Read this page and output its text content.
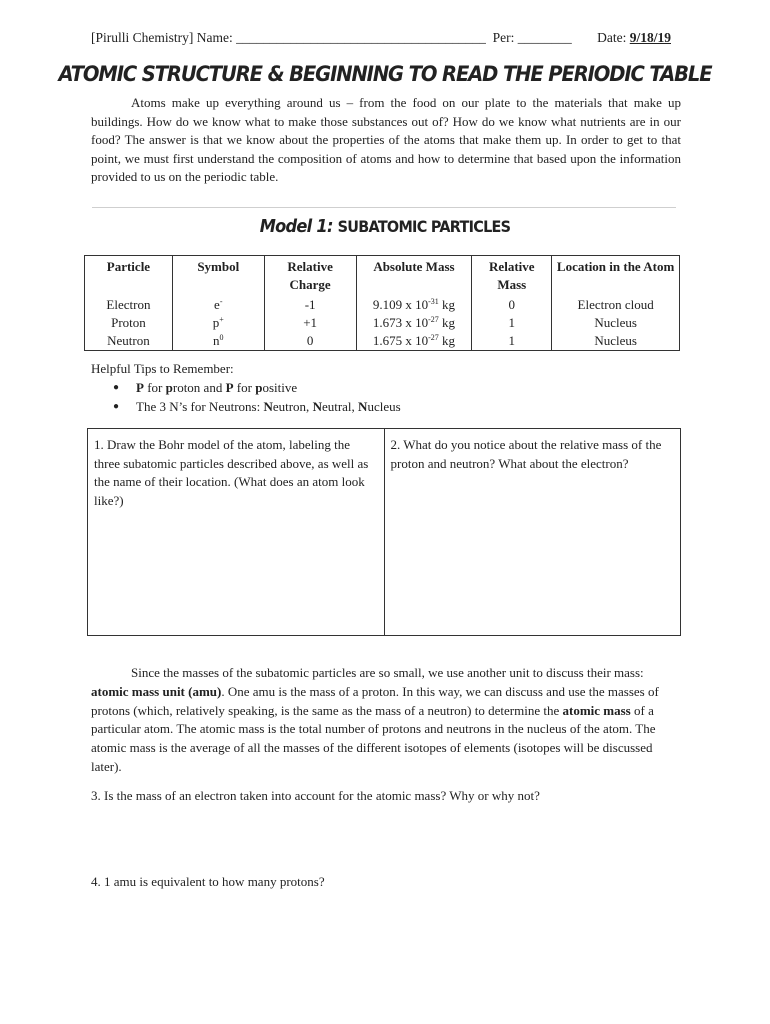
[Pirulli Chemistry] Name: _____________________________________ Per: ________ Date: 9/18/19
ATOMIC STRUCTURE & BEGINNING TO READ THE PERIODIC TABLE
Atoms make up everything around us – from the food on our plate to the materials that make up buildings. How do we know what to make those substances out of? How do we know what nutrients are in our food? The answer is that we know about the properties of the atoms that make them up. In order to get to that point, we must first understand the composition of atoms and how to determine that based upon the information provided to us on the periodic table.
Model 1: SUBATOMIC PARTICLES
Particle	Symbol	Relative Charge	Absolute Mass	Relative Mass	Location in the Atom
Electron	e-	-1	9.109 x $10^{-31}$ kg	0	Electron cloud
Proton	p+	+1	1.673 x $10^{-27}$ kg	1	Nucleus
Neutron	$n^0$	0	1.675 x $10^{-27}$ kg	1	Nucleus
Helpful Tips to Remember:
● P for proton and P for positive
● The 3 N’s for Neutrons: Neutron, Neutral, Nucleus
1. Draw the Bohr model of the atom, labeling the three subatomic particles described above, as well as the name of their location. (What does an atom look like?)
2. What do you notice about the relative mass of the proton and neutron? What about the electron?
Since the masses of the subatomic particles are so small, we use another unit to discuss their mass: atomic mass unit (amu). One amu is the mass of a proton. In this way, we can discuss and use the masses of protons (which, relatively speaking, is the same as the mass of a neutron) to determine the atomic mass of a particular atom. The atomic mass is the total number of protons and neutrons in the nucleus of the atom. The atomic mass is the average of all the masses of the different isotopes of elements (isotopes will be discussed later).
3. Is the mass of an electron taken into account for the atomic mass? Why or why not?
4. 1 amu is equivalent to how many protons?
